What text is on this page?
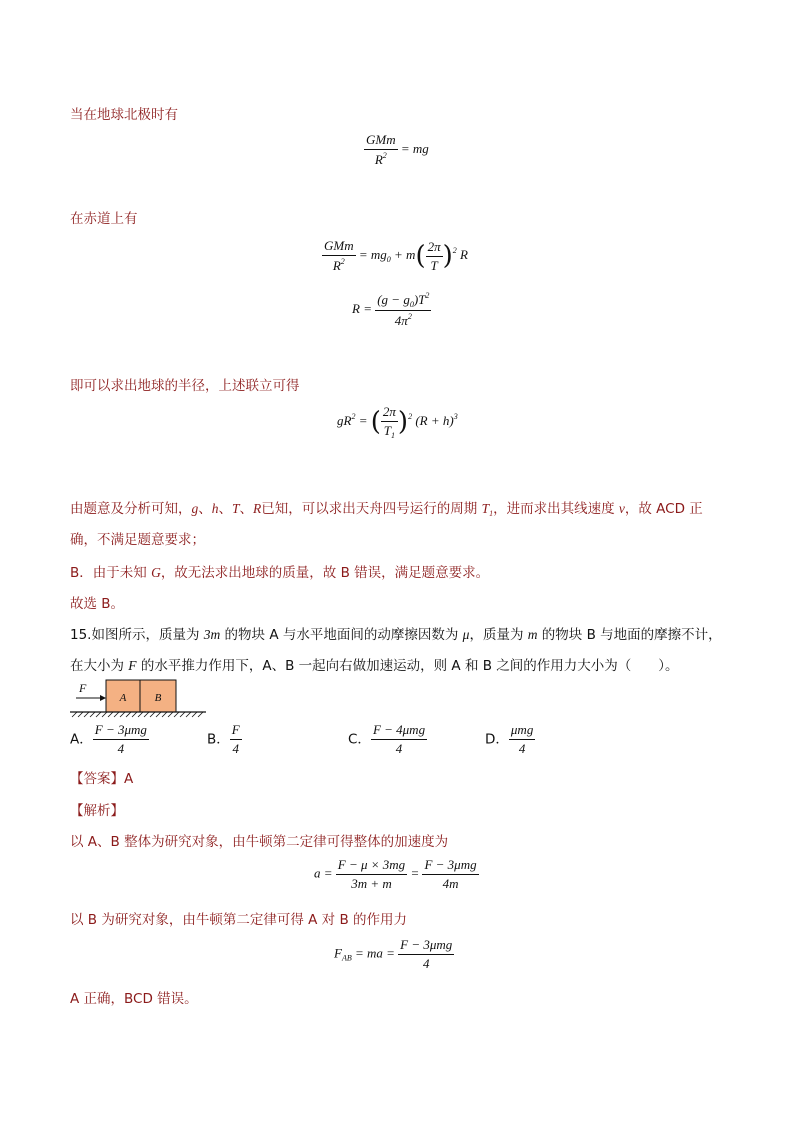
当在地球北极时有
$\frac{\text{GMm}}{R^2}$ = mg
在赤道上有
$\frac{\text{GMm}}{R^2} = mg_0 + m( \frac{2\pi}{T} )^2$ R
$R = \frac{(g - g_0)T^2}{4\pi^2}$
即可以求出地球的半径，上述联立可得
$gR^2$ = ( $\frac{2\pi}{T_1} )^2$ $(R + h)^3$
由题意及分析可知，g、h、T、R已知，可以求出天舟四号运行的周期 $T_1$，进而求出其线速度 v，故 ACD 正
确，不满足题意要求；
B．由于未知 G，故无法求出地球的质量，故 B 错误，满足题意要求。
故选 B。
15.如图所示，质量为 3m 的物块 A 与水平地面间的动摩擦因数为 μ，质量为 m 的物块 B 与地面的摩擦不计，
在大小为 F 的水平推力作用下，A、B 一起向右做加速运动，则 A 和 B 之间的作用力大小为（　　）。
F
A	B
A． $\frac{\text{F − 3μmg}}{4}$	B． $\frac{F}{4}$	C． $\frac{\text{F − 4μmg}}{4}$	D． $\frac{\text{μmg}}{4}$
【答案】A
【解析】
以 A、B 整体为研究对象，由牛顿第二定律可得整体的加速度为
$a = \frac{F - \mu \times 3mg}{3m + m} = \frac{\text{F − 3μmg}}{4m}$
以 B 为研究对象，由牛顿第二定律可得 A 对 B 的作用力
$F_{AB}$ = ma = $\frac{\text{F − 3μmg}}{4}$
A 正确，BCD 错误。
